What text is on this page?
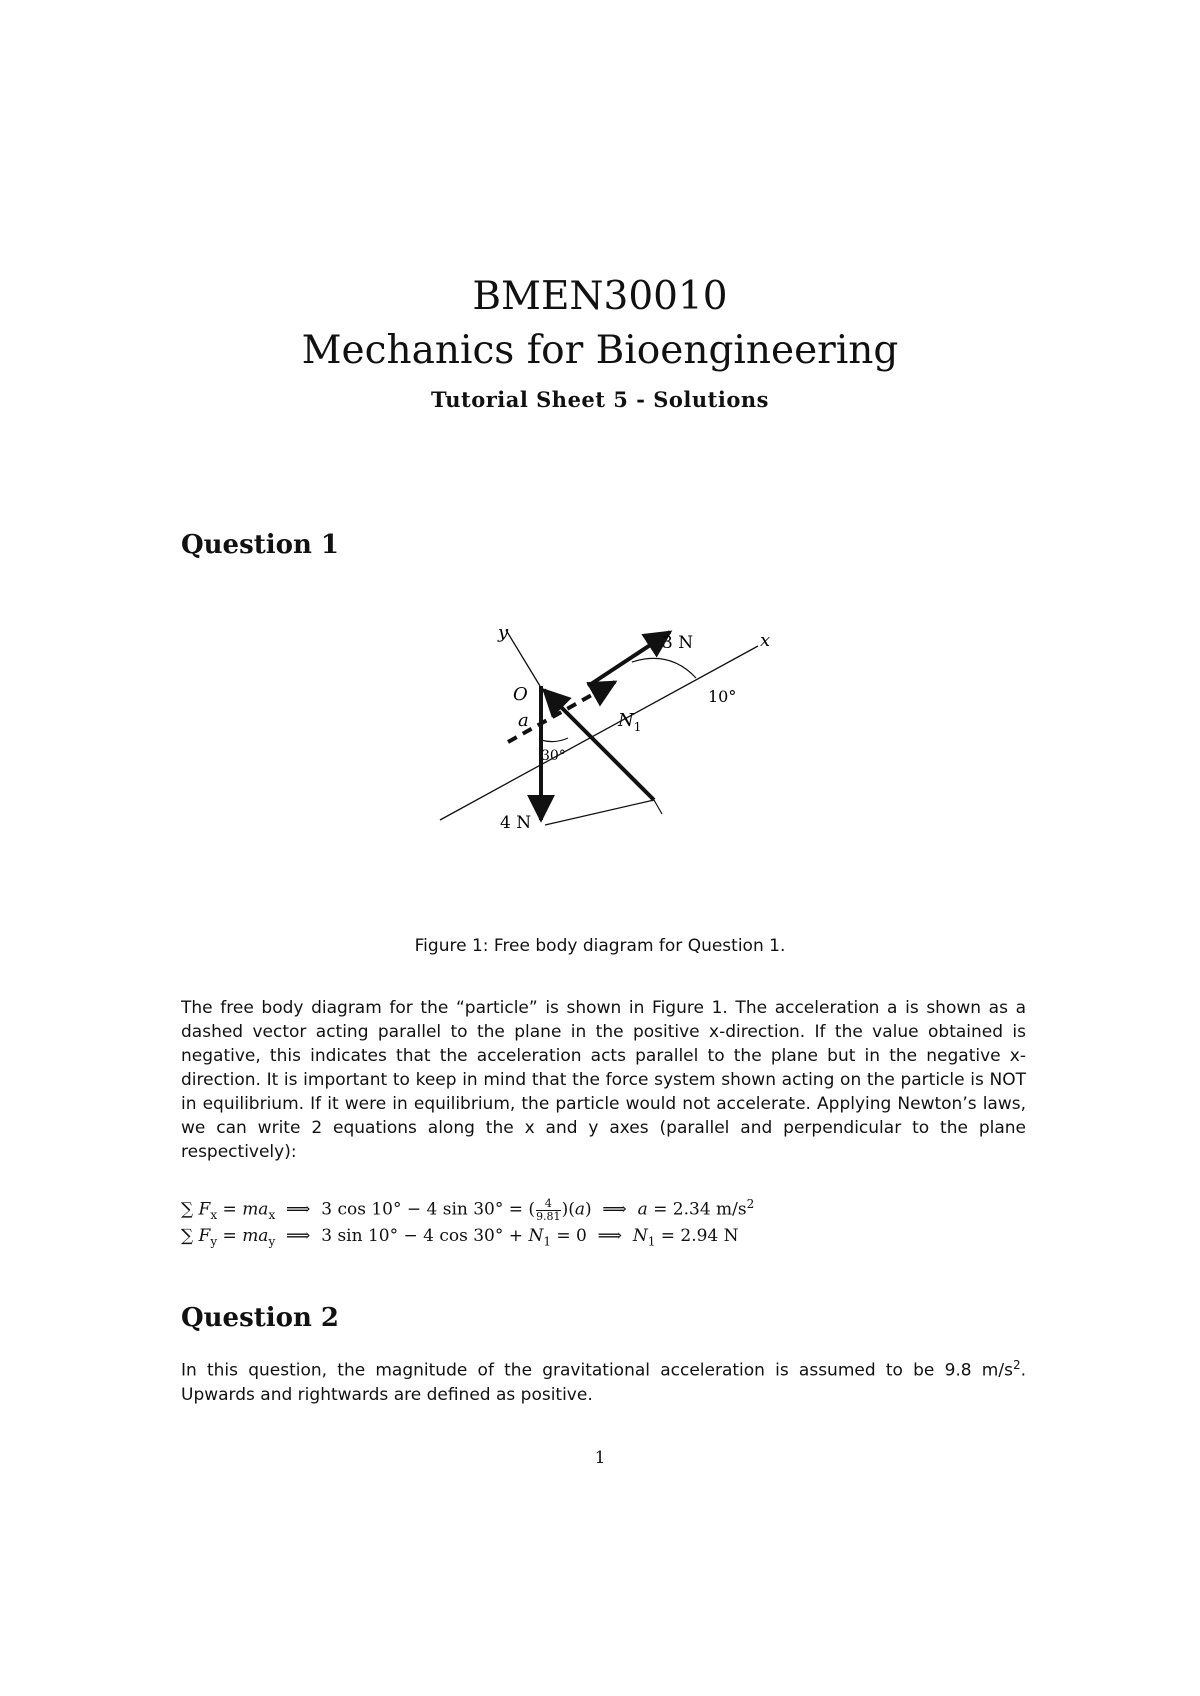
BMEN30010
Mechanics for Bioengineering
Tutorial Sheet 5 - Solutions
Question 1
y	x
O
a
3 N
10°
$N_1$
30°
4 N
Figure 1: Free body diagram for Question 1.
The free body diagram for the “particle” is shown in Figure 1. The acceleration a is shown as a dashed vector acting parallel to the plane in the positive x-direction. If the value obtained is negative, this indicates that the acceleration acts parallel to the plane but in the negative x-direction. It is important to keep in mind that the force system shown acting on the particle is NOT in equilibrium. If it were in equilibrium, the particle would not accelerate. Applying Newton’s laws, we can write 2 equations along the x and y axes (parallel and perpendicular to the plane respectively):
∑ $F_x = ma_x$  ⟹  3 cos 10° − 4 sin 30° = ( $\frac{4}{9.81} )(a)$  ⟹  a = 2.34 $m/s^2$
∑ $F_y = ma_y$  ⟹  3 sin 10° − 4 $\cos 30^\circ + N_1 = 0$  ⟹  $N_1 = 2.94$ N
Question 2
In this question, the magnitude of the gravitational acceleration is assumed to be 9.8 $m/s^2$. Upwards and rightwards are defined as positive.
1
